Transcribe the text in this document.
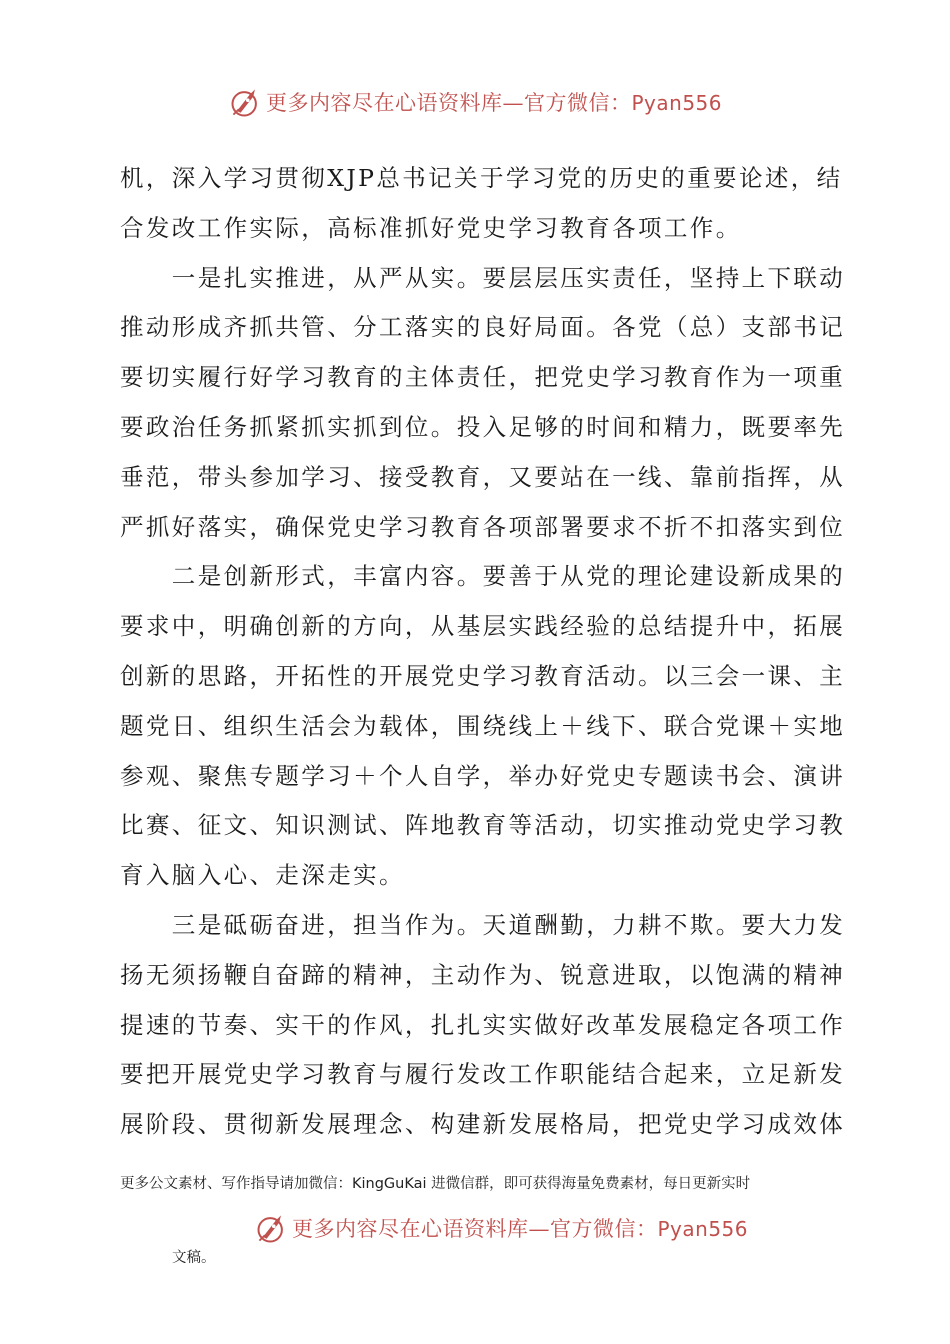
更多内容尽在心语资料库—官方微信：Pyan556
机，深入学习贯彻XJP总书记关于学习党的历史的重要论述，结
合发改工作实际，高标准抓好党史学习教育各项工作。
　　一是扎实推进，从严从实。要层层压实责任，坚持上下联动
推动形成齐抓共管、分工落实的良好局面。各党（总）支部书记
要切实履行好学习教育的主体责任，把党史学习教育作为一项重
要政治任务抓紧抓实抓到位。投入足够的时间和精力，既要率先
垂范，带头参加学习、接受教育，又要站在一线、靠前指挥，从
严抓好落实，确保党史学习教育各项部署要求不折不扣落实到位
　　二是创新形式，丰富内容。要善于从党的理论建设新成果的
要求中，明确创新的方向，从基层实践经验的总结提升中，拓展
创新的思路，开拓性的开展党史学习教育活动。以三会一课、主
题党日、组织生活会为载体，围绕线上＋线下、联合党课＋实地
参观、聚焦专题学习＋个人自学，举办好党史专题读书会、演讲
比赛、征文、知识测试、阵地教育等活动，切实推动党史学习教
育入脑入心、走深走实。
　　三是砥砺奋进，担当作为。天道酬勤，力耕不欺。要大力发
扬无须扬鞭自奋蹄的精神，主动作为、锐意进取，以饱满的精神
提速的节奏、实干的作风，扎扎实实做好改革发展稳定各项工作
要把开展党史学习教育与履行发改工作职能结合起来，立足新发
展阶段、贯彻新发展理念、构建新发展格局，把党史学习成效体
更多公文素材、写作指导请加微信：KingGuKai 进微信群，即可获得海量免费素材，每日更新实时
更多内容尽在心语资料库—官方微信：Pyan556
文稿。
